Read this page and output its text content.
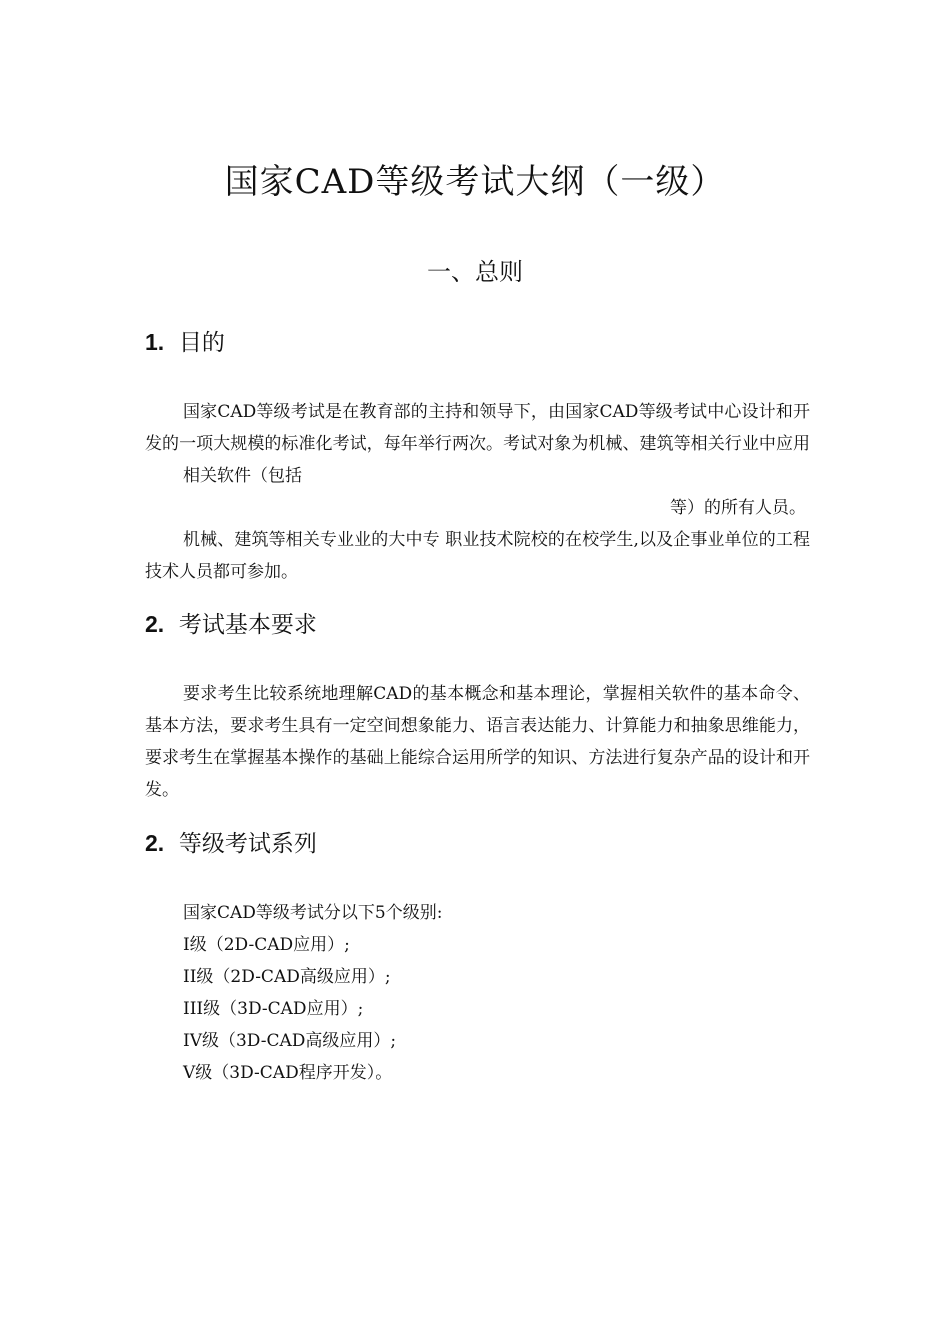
国家CAD等级考试大纲（一级）
一、总则
1. 目的

国家CAD等级考试是在教育部的主持和领导下，由国家CAD等级考试中心设计和开发的一项大规模的标准化考试，每年举行两次。考试对象为机械、建筑等相关行业中应用相关软件（包括
等）的所有人员。

机械、建筑等相关专业业的大中专 职业技术院校的在校学生,以及企事业单位的工程技术人员都可参加。

2. 考试基本要求

要求考生比较系统地理解CAD的基本概念和基本理论，掌握相关软件的基本命令、基本方法，要求考生具有一定空间想象能力、语言表达能力、计算能力和抽象思维能力，要求考生在掌握基本操作的基础上能综合运用所学的知识、方法进行复杂产品的设计和开发。

2. 等级考试系列
国家CAD等级考试分以下5个级别:
I级（2D-CAD应用）;
II级（2D-CAD高级应用）;
III级（3D-CAD应用）;
IV级（3D-CAD高级应用）;
V级（3D-CAD程序开发）。
